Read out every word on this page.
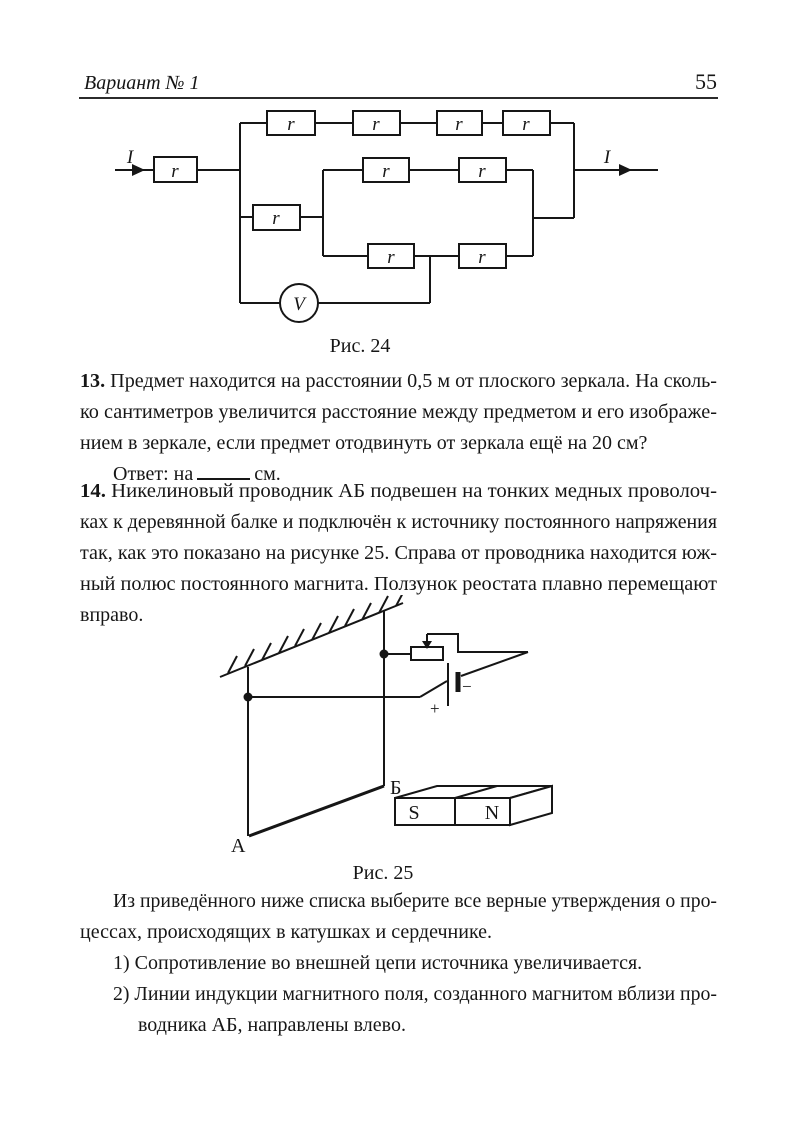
Вариант № 1	55
I	I
r
r	r	r	r
r
r	r
r	r
V
Рис. 24
13. Предмет находится на расстоянии 0,5 м от плоского зеркала. На сколь-
ко сантиметров увеличится расстояние между предметом и его изображе-
нием в зеркале, если предмет отодвинуть от зеркала ещё на 20 см?
Ответ: на	см.
14. Никелиновый проводник АБ подвешен на тонких медных проволоч-
ках к деревянной балке и подключён к источнику постоянного напряжения
так, как это показано на рисунке 25. Справа от проводника находится юж-
ный полюс постоянного магнита. Ползунок реостата плавно перемещают
вправо.
А
Б
S	N
+
−
Рис. 25
Из приведённого ниже списка выберите все верные утверждения о про-
цессах, происходящих в катушках и сердечнике.
1) Сопротивление во внешней цепи источника увеличивается.
2) Линии индукции магнитного поля, созданного магнитом вблизи про-
водника АБ, направлены влево.
